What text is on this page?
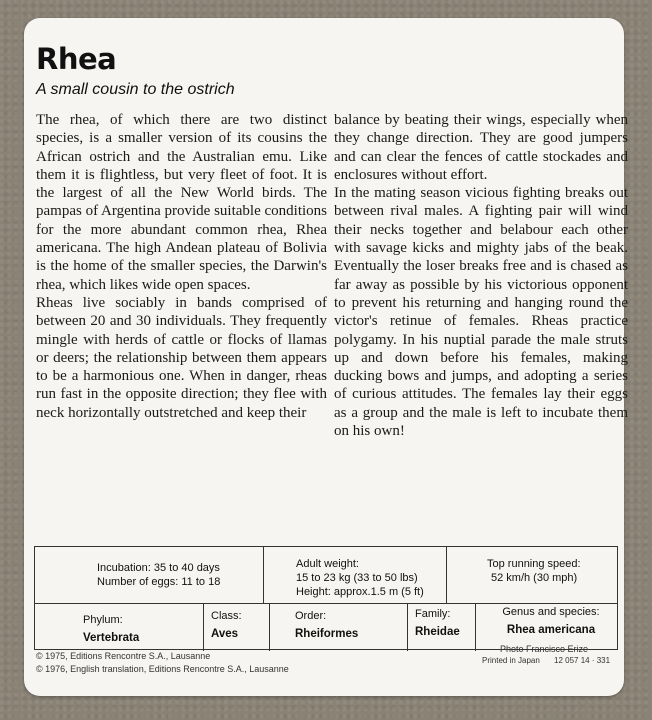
Rhea
A small cousin to the ostrich

The rhea, of which there are two distinct species, is a smaller version of its cousins the African ostrich and the Australian emu. Like them it is flightless, but very fleet of foot. It is the largest of all the New World birds. The pampas of Argentina provide suitable conditions for the more abundant common rhea, Rhea americana. The high Andean plateau of Bolivia is the home of the smaller species, the Darwin's rhea, which likes wide open spaces.

Rheas live sociably in bands comprised of between 20 and 30 individuals. They frequently mingle with herds of cattle or flocks of llamas or deers; the relationship between them appears to be a harmonious one. When in danger, rheas run fast in the opposite direction; they flee with neck horizontally outstretched and keep their

balance by beating their wings, especially when they change direction. They are good jumpers and can clear the fences of cattle stockades and enclosures without effort.

In the mating season vicious fighting breaks out between rival males. A fighting pair will wind their necks together and belabour each other with savage kicks and mighty jabs of the beak. Eventually the loser breaks free and is chased as far away as possible by his victorious opponent to prevent his returning and hanging round the victor's retinue of females. Rheas practice polygamy. In his nuptial parade the male struts up and down before his females, making ducking bows and jumps, and adopting a series of curious attitudes. The females lay their eggs as a group and the male is left to incubate them on his own!

Incubation: 35 to 40 days
Number of eggs: 11 to 18
Adult weight:
15 to 23 kg (33 to 50 lbs)
Height: approx.1.5 m (5 ft)
Top running speed:
52 km/h (30 mph)
Phylum:
Vertebrata
Class:
Aves
Order:
Rheiformes
Family:
Rheidae
Genus and species:
Rhea americana
© 1975, Editions Rencontre S.A., Lausanne
© 1976, English translation, Editions Rencontre S.A., Lausanne
Photo Francisco Erize
Printed in Japan 12 057 14 · 331
